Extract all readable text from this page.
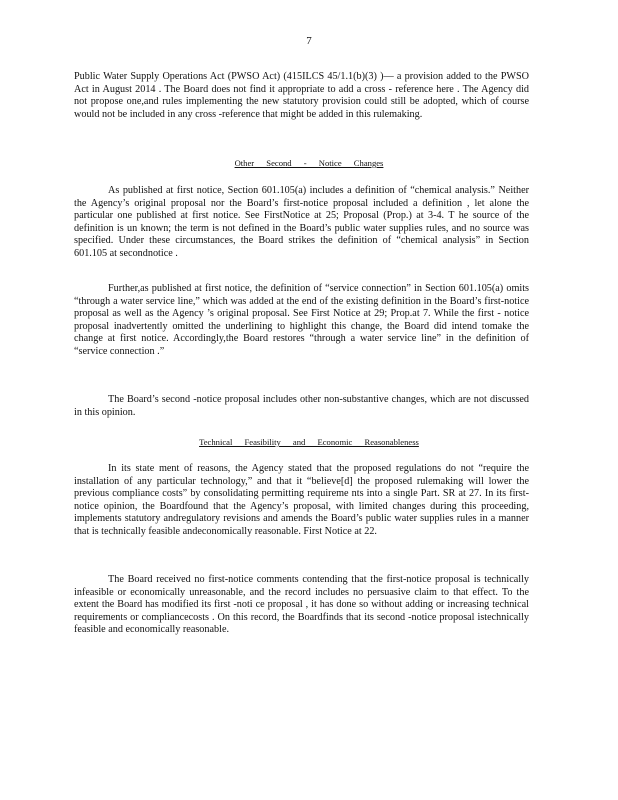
7

Public Water Supply Operations Act (PWSO Act) (415ILCS 45/1.1(b)(3) )— a provision added to the PWSO Act in August 2014 . The Board does not find it appropriate to add a cross - reference here . The Agency did not propose one,and rules implementing the new statutory provision could still be adopted, which of course would not be included in any cross -reference that might be added in this rulemaking.

Other Second - Notice Changes

As published at first notice, Section 601.105(a) includes a definition of “chemical analysis.” Neither the Agency’s original proposal nor the Board’s first-notice proposal included a definition , let alone the particular one published at first notice. See FirstNotice at 25; Proposal (Prop.) at 3-4. T he source of the definition is un known; the term is not defined in the Board’s public water supplies rules, and no source was specified. Under these circumstances, the Board strikes the definition of “chemical analysis” in Section 601.105 at secondnotice .

Further,as published at first notice, the definition of “service connection” in Section 601.105(a) omits “through a water service line,” which was added at the end of the existing definition in the Board’s first-notice proposal as well as the Agency ’s original proposal. See First Notice at 29; Prop.at 7. While the first - notice proposal inadvertently omitted the underlining to highlight this change, the Board did intend tomake the change at first notice. Accordingly,the Board restores “through a water service line” in the definition of “service connection .”

The Board’s second -notice proposal includes other non-substantive changes, which are not discussed in this opinion.

Technical Feasibility and Economic Reasonableness

In its state ment of reasons, the Agency stated that the proposed regulations do not “require the installation of any particular technology,” and that it “believe[d] the proposed rulemaking will lower the previous compliance costs” by consolidating permitting requireme nts into a single Part. SR at 27. In its first-notice opinion, the Boardfound that the Agency’s proposal, with limited changes during this proceeding, implements statutory andregulatory revisions and amends the Board’s public water supplies rules in a manner that is technically feasible andeconomically reasonable. First Notice at 22.

The Board received no first-notice comments contending that the first-notice proposal is technically infeasible or economically unreasonable, and the record includes no persuasive claim to that effect. To the extent the Board has modified its first -noti ce proposal , it has done so without adding or increasing technical requirements or compliancecosts . On this record, the Boardfinds that its second -notice proposal istechnically feasible and economically reasonable.
